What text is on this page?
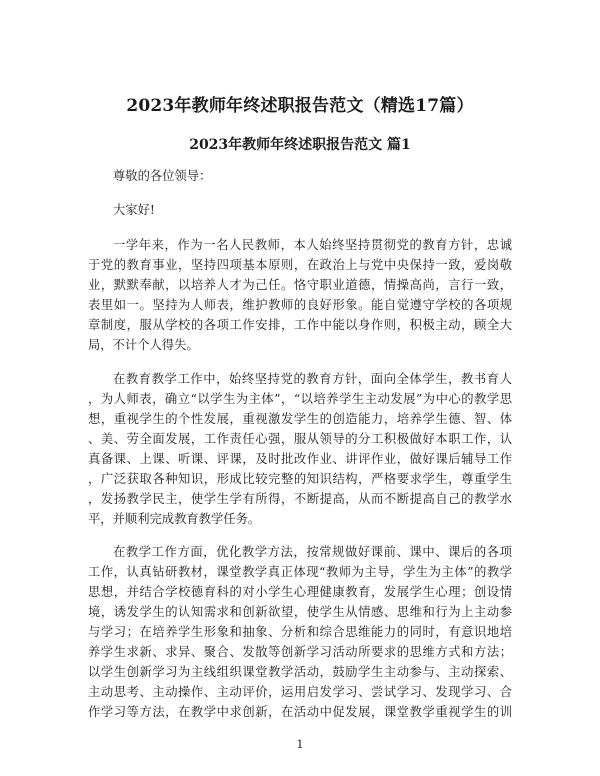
2023年教师年终述职报告范文（精选17篇）
2023年教师年终述职报告范文 篇1
尊敬的各位领导：
大家好!
一学年来，作为一名人民教师，本人始终坚持贯彻党的教育方针，忠诚
于党的教育事业，坚持四项基本原则，在政治上与党中央保持一致，爱岗敬
业，默默奉献，以培养人才为己任。恪守职业道德，情操高尚，言行一致，
表里如一。坚持为人师表，维护教师的良好形象。能自觉遵守学校的各项规
章制度，服从学校的各项工作安排，工作中能以身作则，积极主动，顾全大
局，不计个人得失。
在教育教学工作中，始终坚持党的教育方针，面向全体学生，教书育人
，为人师表，确立“以学生为主体”，“以培养学生主动发展”为中心的教学思
想，重视学生的个性发展，重视激发学生的创造能力，培养学生德、智、体
、美、劳全面发展，工作责任心强，服从领导的分工积极做好本职工作，认
真备课、上课、听课、评课，及时批改作业、讲评作业，做好课后辅导工作
，广泛获取各种知识，形成比较完整的知识结构，严格要求学生，尊重学生
，发扬教学民主，使学生学有所得，不断提高，从而不断提高自己的教学水
平，并顺利完成教育教学任务。
在教学工作方面，优化教学方法，按常规做好课前、课中、课后的各项
工作，认真钻研教材，课堂教学真正体现“教师为主导，学生为主体”的教学
思想，并结合学校德育科的对小学生心理健康教育，发展学生心理；创设情
境，诱发学生的认知需求和创新欲望，使学生从情感、思维和行为上主动参
与学习；在培养学生形象和抽象、分析和综合思维能力的同时，有意识地培
养学生求新、求异、聚合、发散等创新学习活动所要求的思维方式和方法；
以学生创新学习为主线组织课堂教学活动，鼓励学生主动参与、主动探索、
主动思考、主动操作、主动评价，运用启发学习、尝试学习、发现学习、合
作学习等方法，在教学中求创新，在活动中促发展，课堂教学重视学生的训
1
